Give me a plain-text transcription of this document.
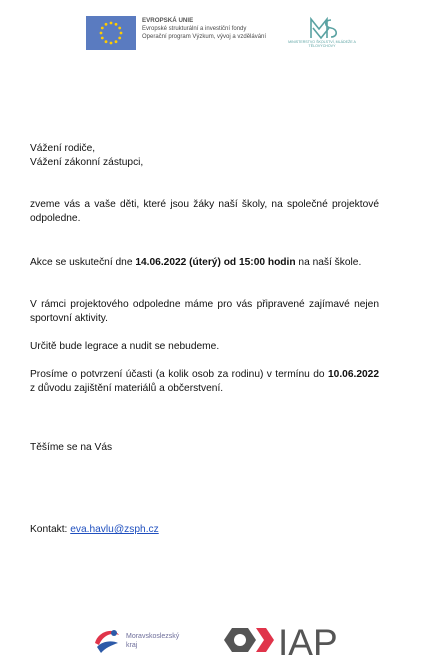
EVROPSKÁ UNIE
Evropské strukturální a investiční fondy
Operační program Výzkum, vývoj a vzdělávání
MINISTERSTVO ŠKOLSTVÍ, MLÁDEŽE A TĚLOVÝCHOVY
Vážení rodiče,
Vážení zákonní zástupci,

zveme vás a vaše děti, které jsou žáky naší školy, na společné projektové odpoledne.

Akce se uskuteční dne 14.06.2022 (úterý) od 15:00 hodin na naší škole.

V rámci projektového odpoledne máme pro vás připravené zajímavé nejen sportovní aktivity.

Určitě bude legrace a nudit se nebudeme.

Prosíme o potvrzení účasti (a kolik osob za rodinu) v termínu do 10.06.2022 z důvodu zajištění materiálů a občerstvení.

Těšíme se na Vás

Kontakt: eva.havlu@zsph.cz

Moravskoslezský
kraj	IAP
